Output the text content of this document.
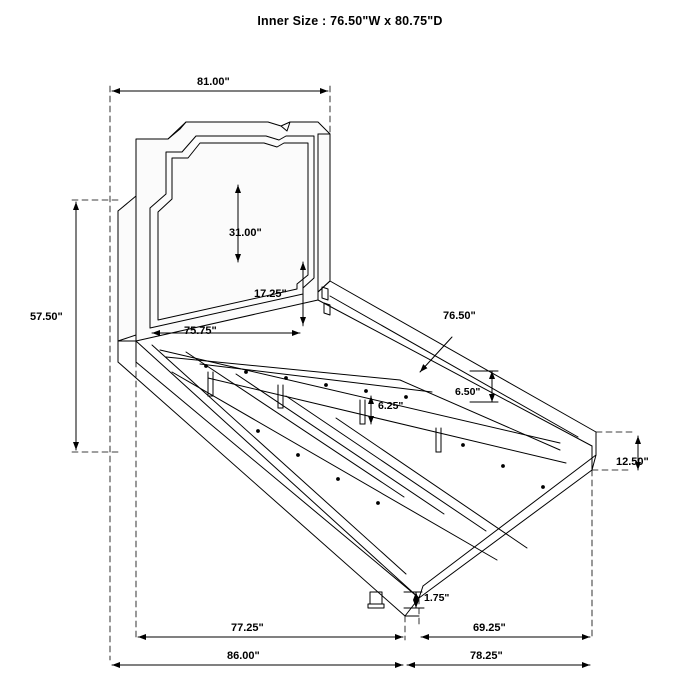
Inner Size : 76.50"W x 80.75"D
81.00"
31.00"
17.25"
75.75"
57.50"	76.50"
6.50"
6.25"
12.50"
1.75"
77.25"	69.25"
86.00"	78.25"
